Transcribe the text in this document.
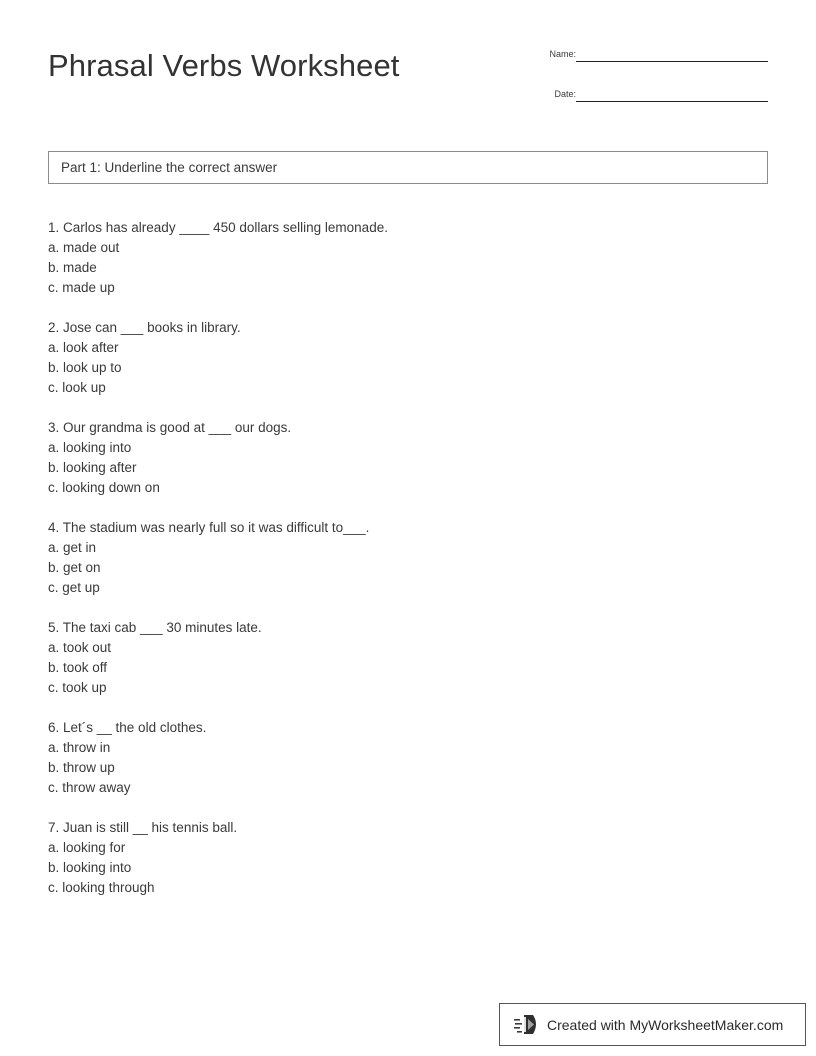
Phrasal Verbs Worksheet	Name:
Date:
Part 1: Underline the correct answer
1. Carlos has already ____ 450 dollars selling lemonade.
a. made out
b. made
c. made up
2. Jose can ___ books in library.
a. look after
b. look up to
c. look up
3. Our grandma is good at ___ our dogs.
a. looking into
b. looking after
c. looking down on
4. The stadium was nearly full so it was difficult to___.
a. get in
b. get on
c. get up
5. The taxi cab ___ 30 minutes late.
a. took out
b. took off
c. took up
6. Let´s __ the old clothes.
a. throw in
b. throw up
c. throw away
7. Juan is still __ his tennis ball.
a. looking for
b. looking into
c. looking through
Created with MyWorksheetMaker.com
